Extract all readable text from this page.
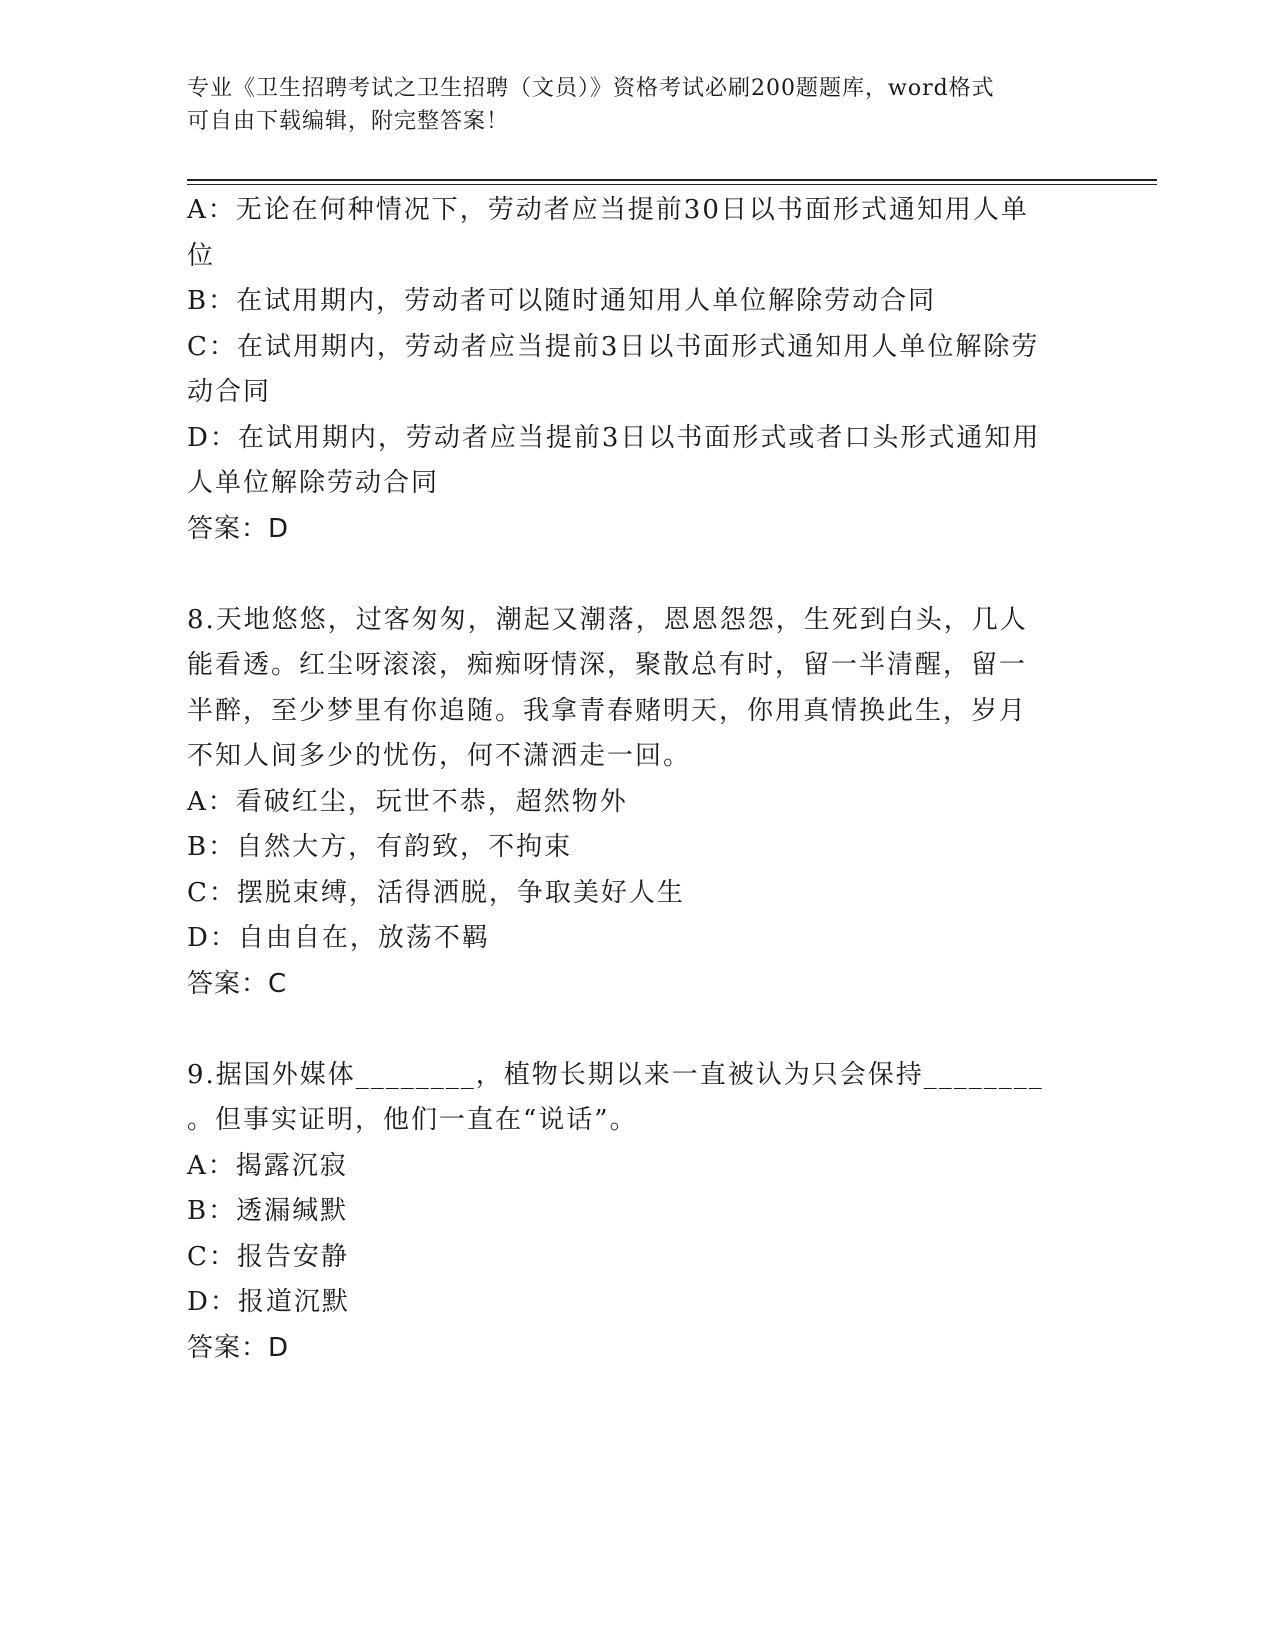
专业《卫生招聘考试之卫生招聘（文员）》资格考试必刷200题题库，word格式
可自由下载编辑，附完整答案！

A：无论在何种情况下，劳动者应当提前30日以书面形式通知用人单

位

B：在试用期内，劳动者可以随时通知用人单位解除劳动合同

C：在试用期内，劳动者应当提前3日以书面形式通知用人单位解除劳

动合同

D：在试用期内，劳动者应当提前3日以书面形式或者口头形式通知用

人单位解除劳动合同

答案：D

8.天地悠悠，过客匆匆，潮起又潮落，恩恩怨怨，生死到白头，几人

能看透。红尘呀滚滚，痴痴呀情深，聚散总有时，留一半清醒，留一

半醉，至少梦里有你追随。我拿青春赌明天，你用真情换此生，岁月

不知人间多少的忧伤，何不潇洒走一回。

A：看破红尘，玩世不恭，超然物外

B：自然大方，有韵致，不拘束

C：摆脱束缚，活得洒脱，争取美好人生

D：自由自在，放荡不羁

答案：C

9.据国外媒体________，植物长期以来一直被认为只会保持________

。但事实证明，他们一直在“说话”。

A：揭露沉寂

B：透漏缄默

C：报告安静

D：报道沉默

答案：D
